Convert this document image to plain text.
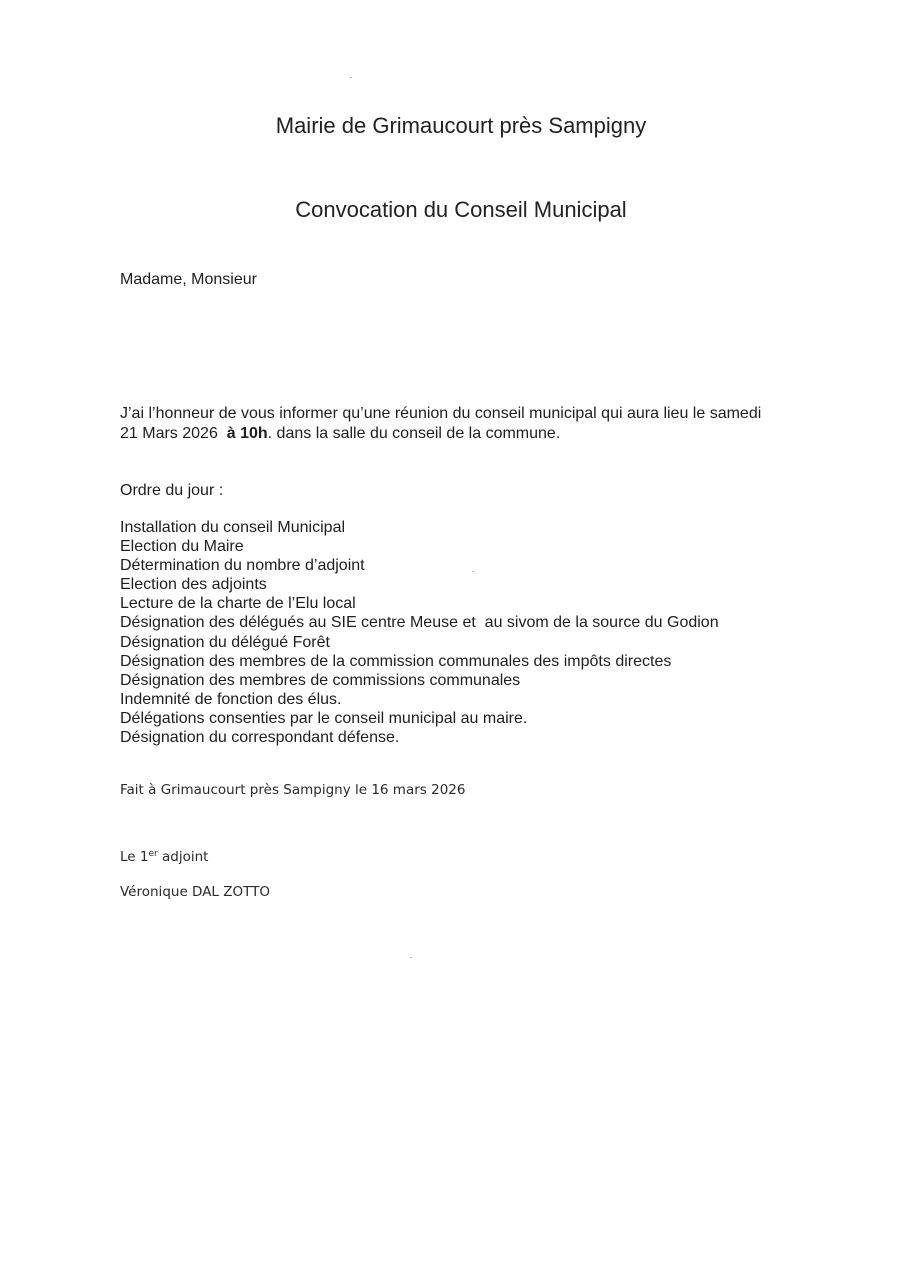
Mairie de Grimaucourt près Sampigny
Convocation du Conseil Municipal
Madame, Monsieur
J’ai l’honneur de vous informer qu’une réunion du conseil municipal qui aura lieu le samedi
21 Mars 2026 à 10h. dans la salle du conseil de la commune.
Ordre du jour :
Installation du conseil Municipal
Election du Maire
Détermination du nombre d’adjoint
Election des adjoints
Lecture de la charte de l’Elu local
Désignation des délégués au SIE centre Meuse et  au sivom de la source du Godion
Désignation du délégué Forêt
Désignation des membres de la commission communales des impôts directes
Désignation des membres de commissions communales
Indemnité de fonction des élus.
Délégations consenties par le conseil municipal au maire.
Désignation du correspondant défense.
Fait à Grimaucourt près Sampigny le 16 mars 2026
Le 1er adjoint
Véronique DAL ZOTTO
